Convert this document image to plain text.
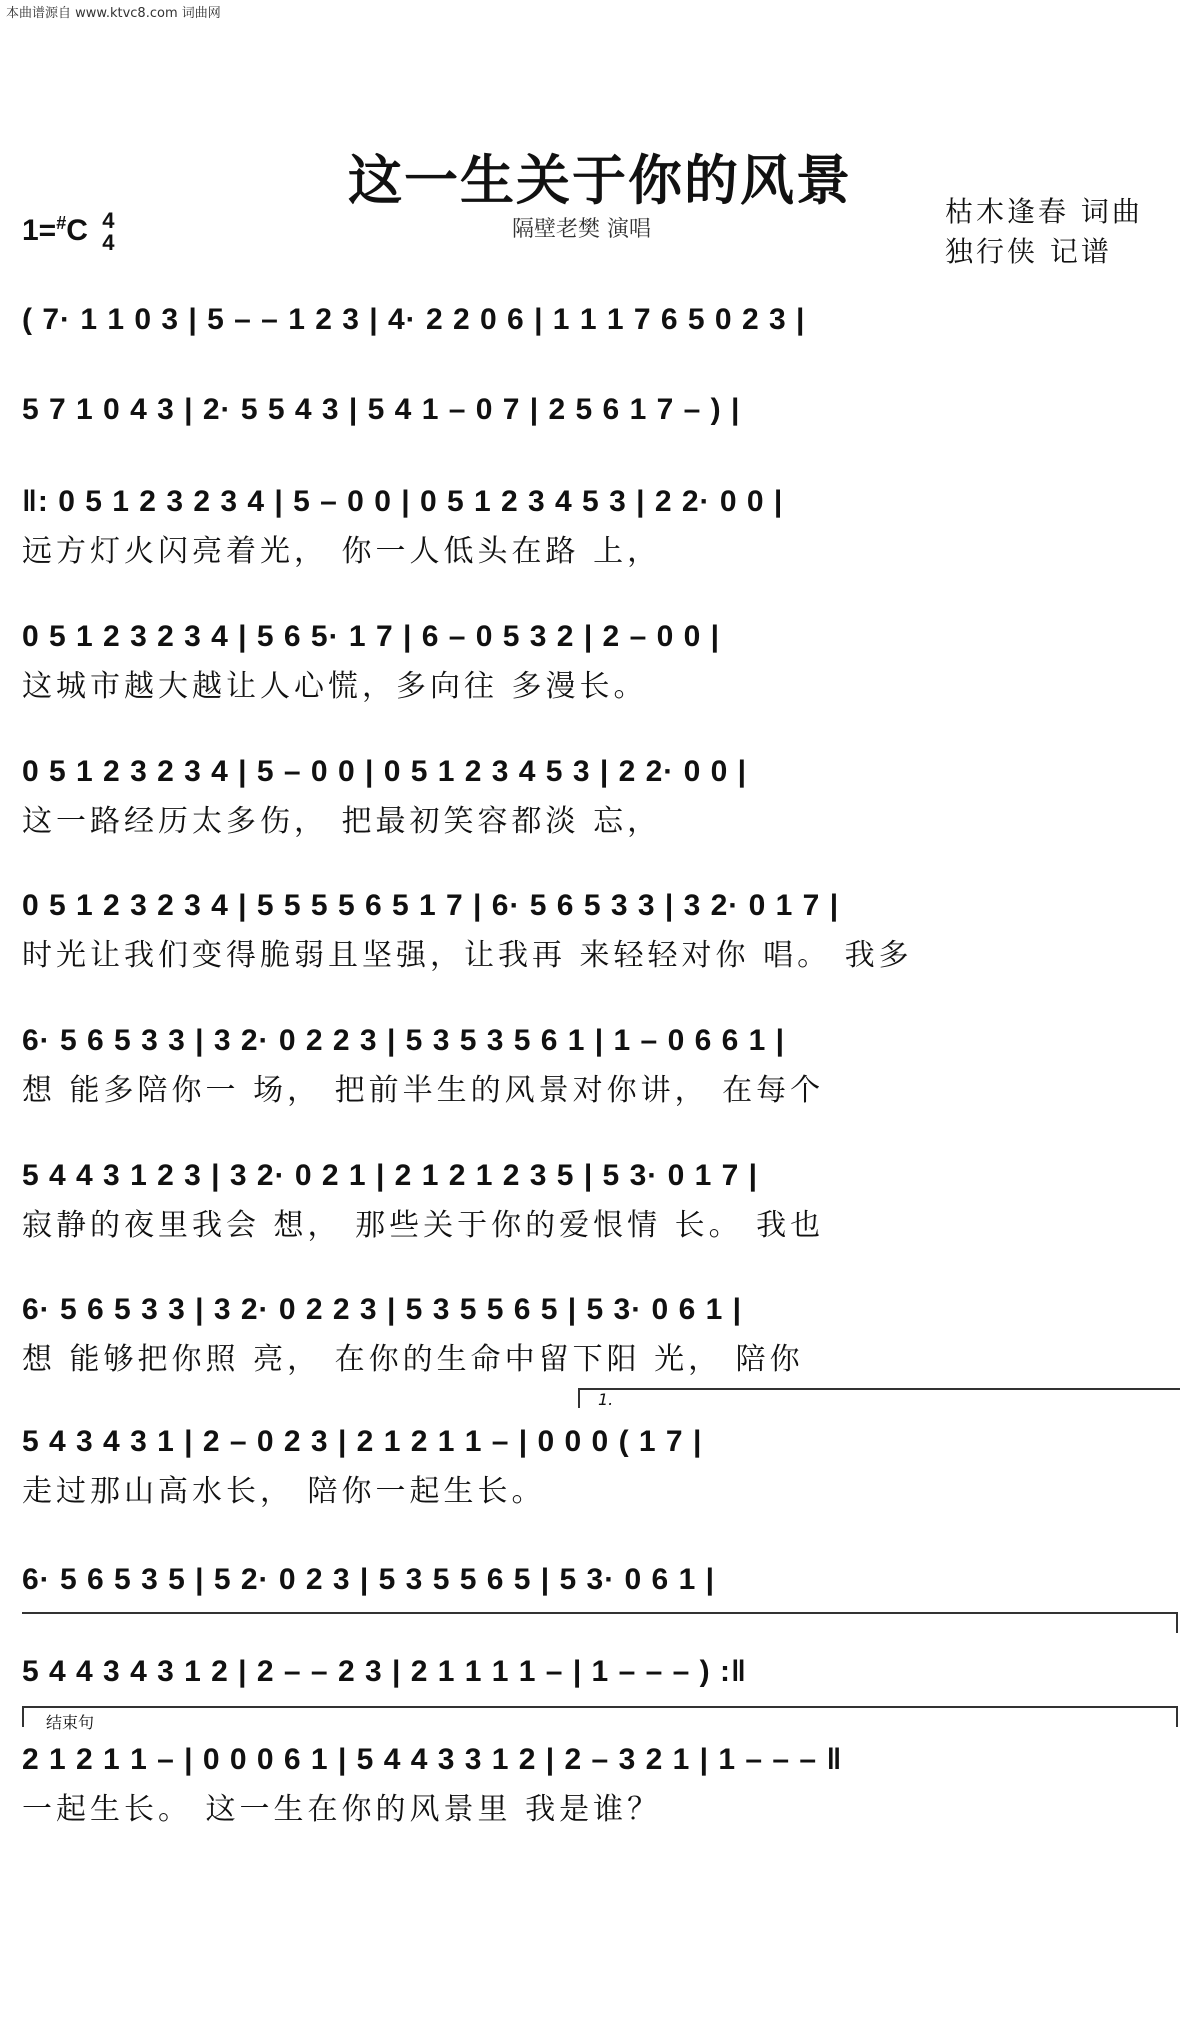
本曲谱源自 www.ktvc8.com 词曲网
这一生关于你的风景
1=#C 4
4
隔壁老樊 演唱
枯木逢春 词曲
独行侠 记谱
( 7· 1 1 0 3 | 5 – – 1 2 3 | 4· 2 2 0 6 | 1 1 1 7 6 5 0 2 3 |
5 7 1 0 4 3 | 2· 5 5 4 3 | 5 4 1 – 0 7 | 2 5 6 1 7 – ) |
‖: 0 5 1 2 3 2 3 4 | 5 – 0 0 | 0 5 1 2 3 4 5 3 | 2 2· 0 0 |
远方灯火闪亮着光， 你一人低头在路 上，
0 5 1 2 3 2 3 4 | 5 6 5· 1 7 | 6 – 0 5 3 2 | 2 – 0 0 |
这城市越大越让人心慌，多向往 多漫长。
0 5 1 2 3 2 3 4 | 5 – 0 0 | 0 5 1 2 3 4 5 3 | 2 2· 0 0 |
这一路经历太多伤， 把最初笑容都淡 忘，
0 5 1 2 3 2 3 4 | 5 5 5 5 6 5 1 7 | 6· 5 6 5 3 3 | 3 2· 0 1 7 |
时光让我们变得脆弱且坚强，让我再 来轻轻对你 唱。 我多
6· 5 6 5 3 3 | 3 2· 0 2 2 3 | 5 3 5 3 5 6 1 | 1 – 0 6 6 1 |
想 能多陪你一 场， 把前半生的风景对你讲， 在每个
5 4 4 3 1 2 3 | 3 2· 0 2 1 | 2 1 2 1 2 3 5 | 5 3· 0 1 7 |
寂静的夜里我会 想， 那些关于你的爱恨情 长。 我也
6· 5 6 5 3 3 | 3 2· 0 2 2 3 | 5 3 5 5 6 5 | 5 3· 0 6 1 |
想 能够把你照 亮， 在你的生命中留下阳 光， 陪你
1.
5 4 3 4 3 1 | 2 – 0 2 3 | 2 1 2 1 1 – | 0 0 0 ( 1 7 |
走过那山高水长， 陪你一起生长。
6· 5 6 5 3 5 | 5 2· 0 2 3 | 5 3 5 5 6 5 | 5 3· 0 6 1 |
5 4 4 3 4 3 1 2 | 2 – – 2 3 | 2 1 1 1 1 – | 1 – – – ) :‖
结束句
2 1 2 1 1 – | 0 0 0 6 1 | 5 4 4 3 3 1 2 | 2 – 3 2 1 | 1 – – – ‖
一起生长。 这一生在你的风景里 我是谁？
